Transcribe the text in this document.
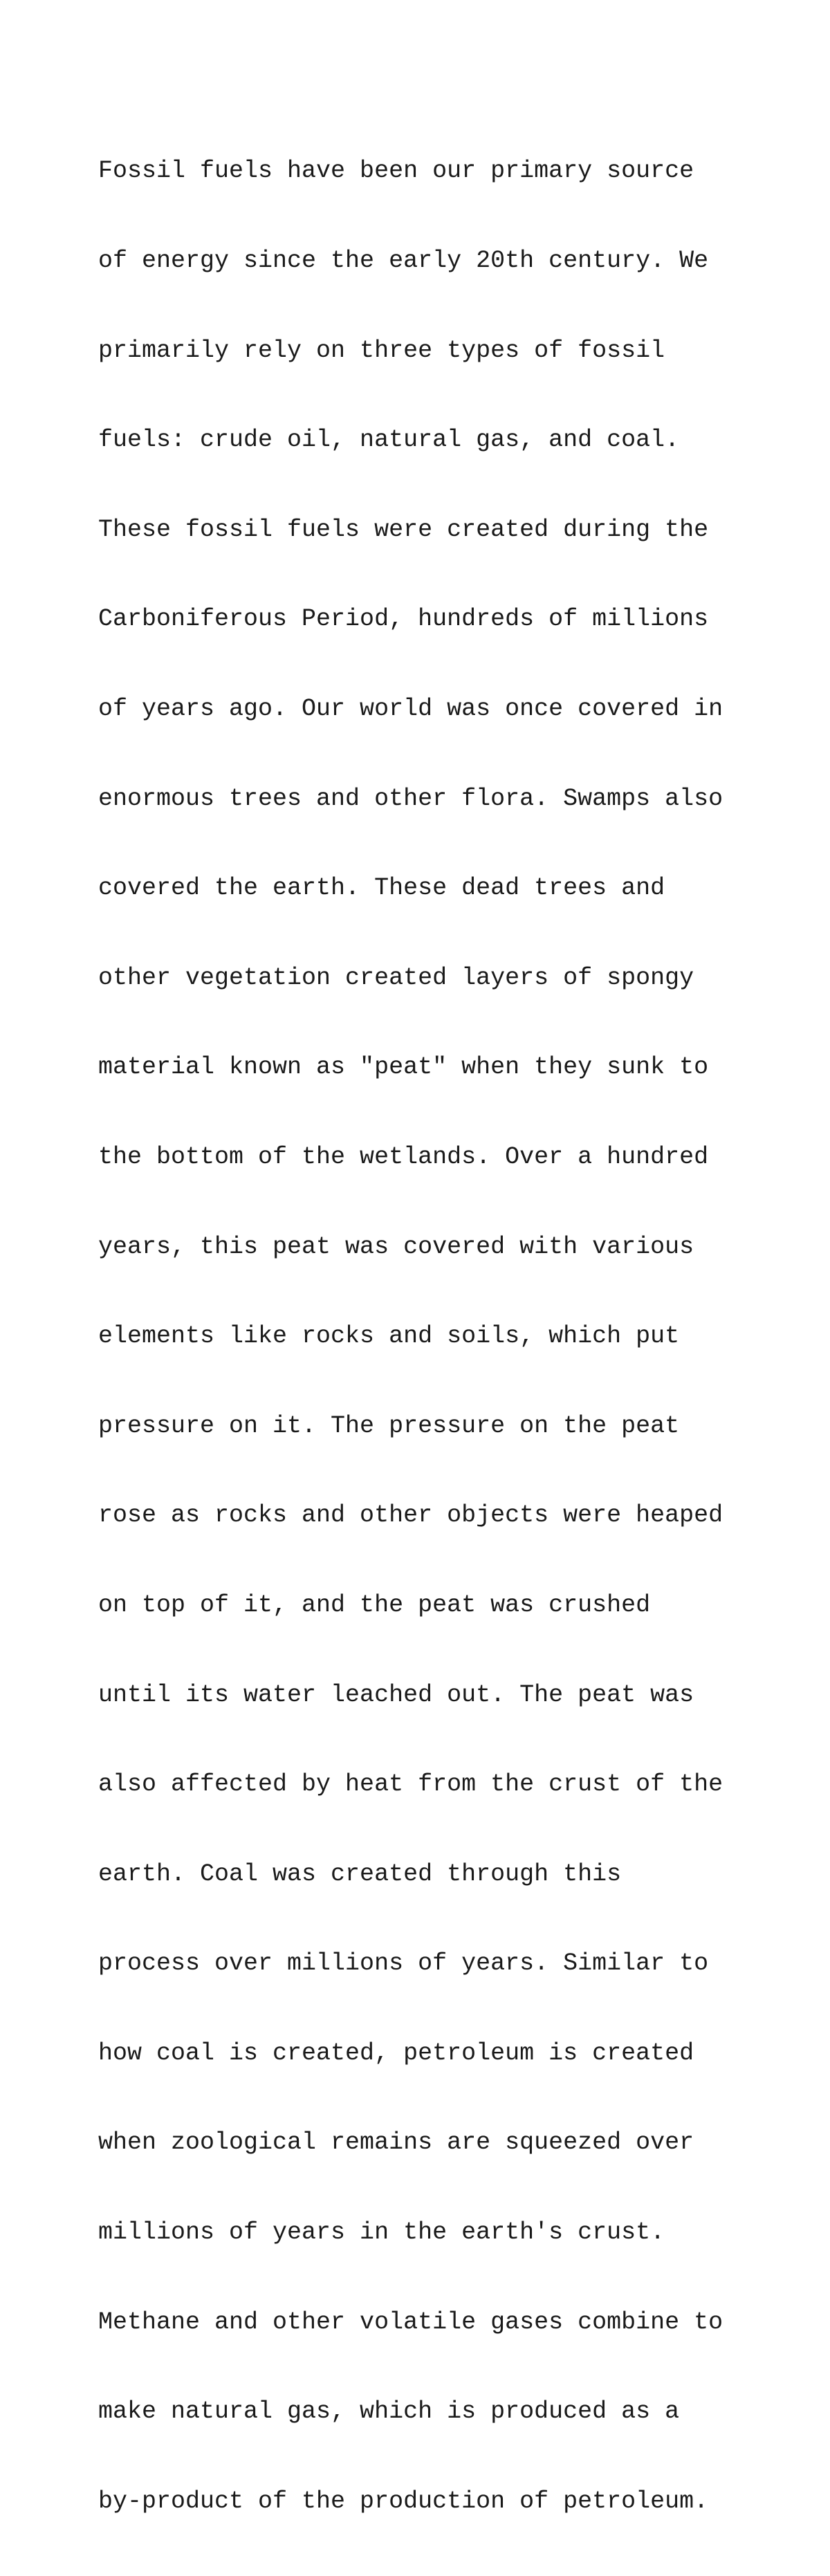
Fossil fuels have been our primary source

of energy since the early 20th century. We

primarily rely on three types of fossil

fuels: crude oil, natural gas, and coal.

These fossil fuels were created during the

Carboniferous Period, hundreds of millions

of years ago. Our world was once covered in

enormous trees and other flora. Swamps also

covered the earth. These dead trees and

other vegetation created layers of spongy

material known as "peat" when they sunk to

the bottom of the wetlands. Over a hundred

years, this peat was covered with various

elements like rocks and soils, which put

pressure on it. The pressure on the peat

rose as rocks and other objects were heaped

on top of it, and the peat was crushed

until its water leached out. The peat was

also affected by heat from the crust of the

earth. Coal was created through this

process over millions of years. Similar to

how coal is created, petroleum is created

when zoological remains are squeezed over

millions of years in the earth's crust.

Methane and other volatile gases combine to

make natural gas, which is produced as a

by-product of the production of petroleum.
